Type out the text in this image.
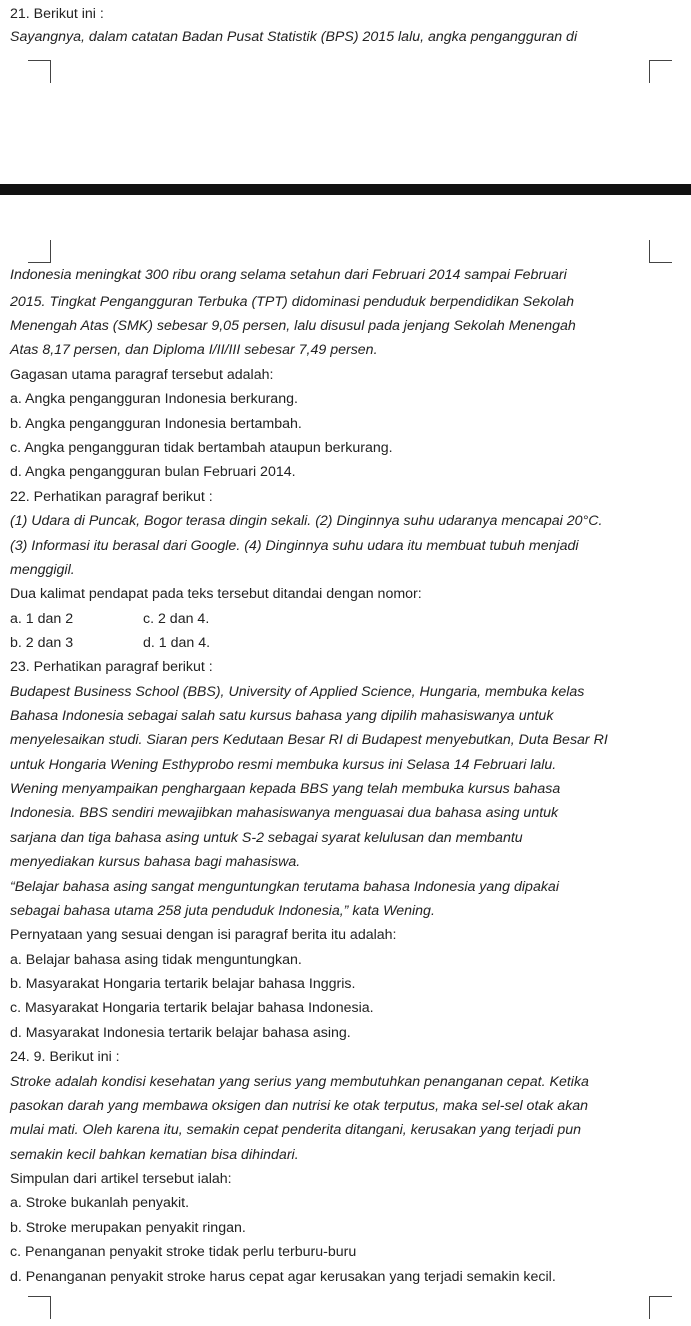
21. Berikut ini :
Sayangnya, dalam catatan Badan Pusat Statistik (BPS) 2015 lalu, angka pengangguran di
Indonesia meningkat 300 ribu orang selama setahun dari Februari 2014 sampai Februari
2015. Tingkat Pengangguran Terbuka (TPT) didominasi penduduk berpendidikan Sekolah
Menengah Atas (SMK) sebesar 9,05 persen, lalu disusul pada jenjang Sekolah Menengah
Atas 8,17 persen, dan Diploma I/II/III sebesar 7,49 persen.
Gagasan utama paragraf tersebut adalah:
a. Angka pengangguran Indonesia berkurang.
b. Angka pengangguran Indonesia bertambah.
c. Angka pengangguran tidak bertambah ataupun berkurang.
d. Angka pengangguran bulan Februari 2014.
22. Perhatikan paragraf berikut :
(1) Udara di Puncak, Bogor terasa dingin sekali. (2) Dinginnya suhu udaranya mencapai 20°C.
(3) Informasi itu berasal dari Google. (4) Dinginnya suhu udara itu membuat tubuh menjadi
menggigil.
Dua kalimat pendapat pada teks tersebut ditandai dengan nomor:
a. 1 dan 2	c. 2 dan 4.
b. 2 dan 3	d. 1 dan 4.
23. Perhatikan paragraf berikut :
Budapest Business School (BBS), University of Applied Science, Hungaria, membuka kelas
Bahasa Indonesia sebagai salah satu kursus bahasa yang dipilih mahasiswanya untuk
menyelesaikan studi. Siaran pers Kedutaan Besar RI di Budapest menyebutkan, Duta Besar RI
untuk Hongaria Wening Esthyprobo resmi membuka kursus ini Selasa 14 Februari lalu.
Wening menyampaikan penghargaan kepada BBS yang telah membuka kursus bahasa
Indonesia. BBS sendiri mewajibkan mahasiswanya menguasai dua bahasa asing untuk
sarjana dan tiga bahasa asing untuk S-2 sebagai syarat kelulusan dan membantu
menyediakan kursus bahasa bagi mahasiswa.
“Belajar bahasa asing sangat menguntungkan terutama bahasa Indonesia yang dipakai
sebagai bahasa utama 258 juta penduduk Indonesia,” kata Wening.
Pernyataan yang sesuai dengan isi paragraf berita itu adalah:
a. Belajar bahasa asing tidak menguntungkan.
b. Masyarakat Hongaria tertarik belajar bahasa Inggris.
c. Masyarakat Hongaria tertarik belajar bahasa Indonesia.
d. Masyarakat Indonesia tertarik belajar bahasa asing.
24. 9. Berikut ini :
Stroke adalah kondisi kesehatan yang serius yang membutuhkan penanganan cepat. Ketika
pasokan darah yang membawa oksigen dan nutrisi ke otak terputus, maka sel-sel otak akan
mulai mati. Oleh karena itu, semakin cepat penderita ditangani, kerusakan yang terjadi pun
semakin kecil bahkan kematian bisa dihindari.
Simpulan dari artikel tersebut ialah:
a. Stroke bukanlah penyakit.
b. Stroke merupakan penyakit ringan.
c. Penanganan penyakit stroke tidak perlu terburu-buru
d. Penanganan penyakit stroke harus cepat agar kerusakan yang terjadi semakin kecil.
